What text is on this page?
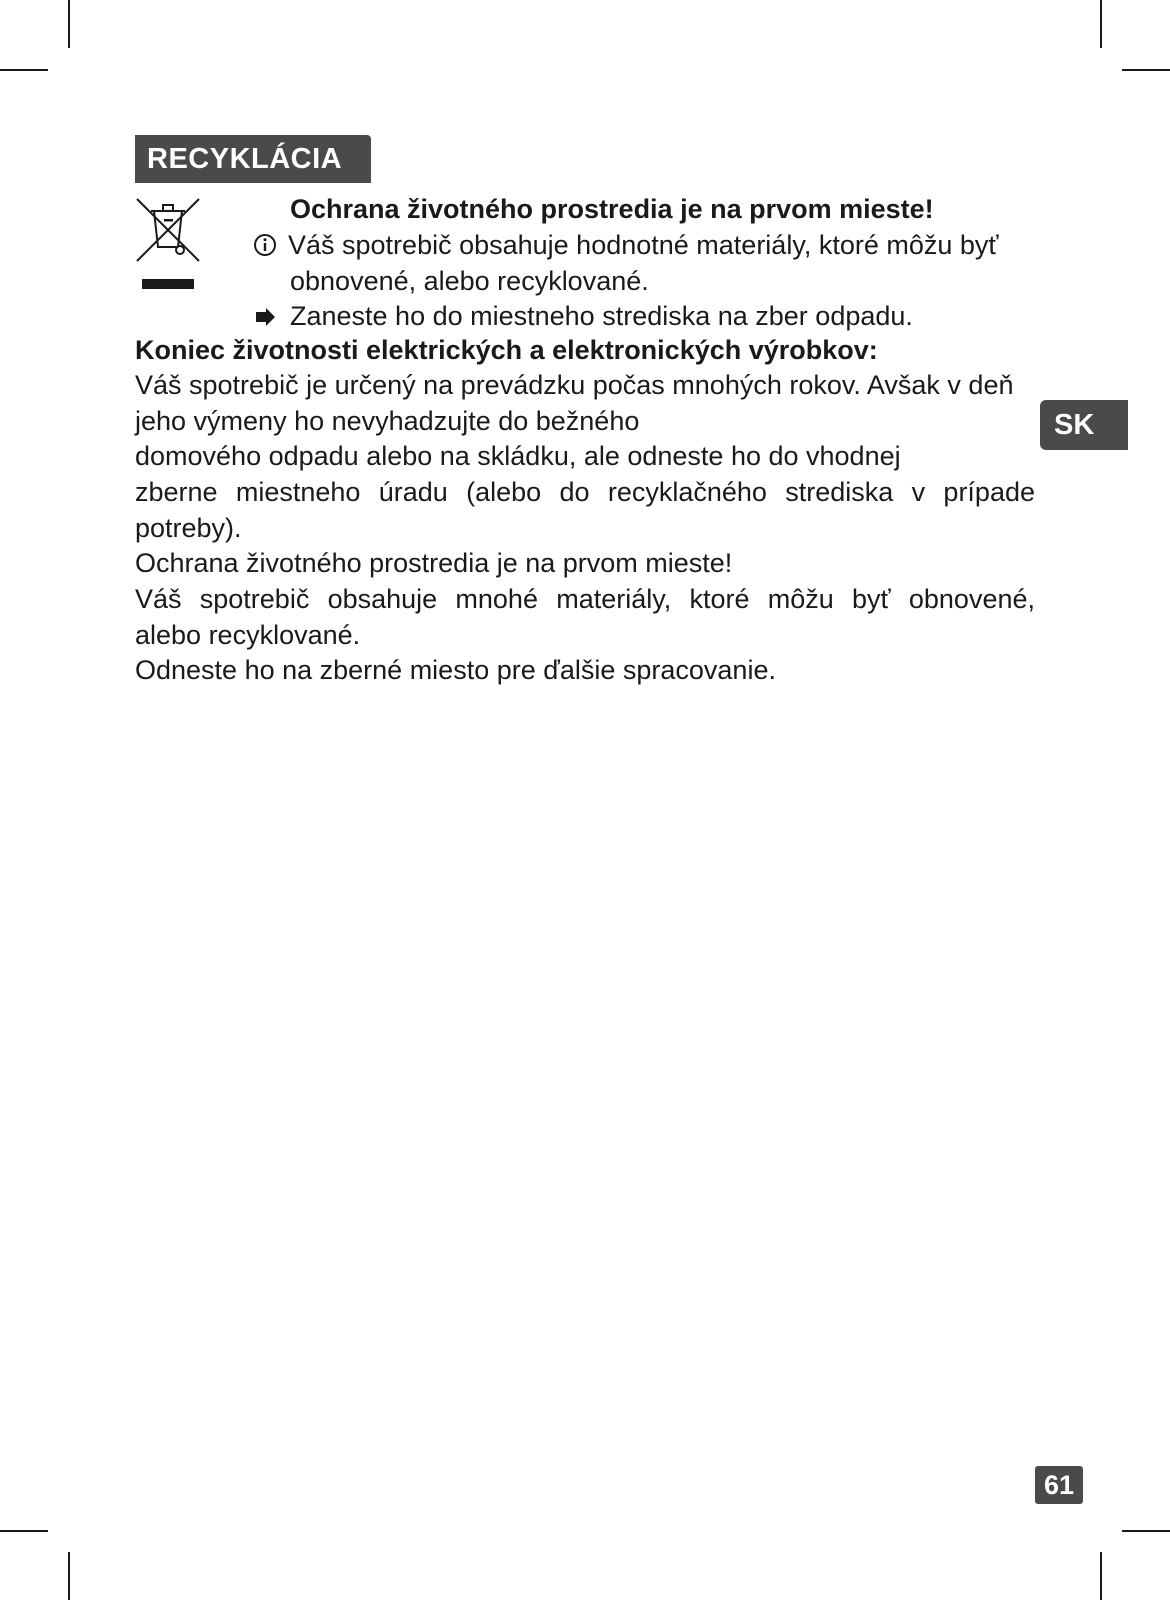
RECYKLÁCIA

Ochrana životného prostredia je na prvom mieste!

Váš spotrebič obsahuje hodnotné materiály, ktoré môžu byť

obnovené, alebo recyklované.

Zaneste ho do miestneho strediska na zber odpadu.

Koniec životnosti elektrických a elektronických výrobkov:

Váš spotrebič je určený na prevádzku počas mnohých rokov. Avšak v deň

jeho výmeny ho nevyhadzujte do bežného

domového odpadu alebo na skládku, ale odneste ho do vhodnej

zberne miestneho úradu (alebo do recyklačného strediska v prípade

potreby).

Ochrana životného prostredia je na prvom mieste!

Váš spotrebič obsahuje mnohé materiály, ktoré môžu byť obnovené,

alebo recyklované.

Odneste ho na zberné miesto pre ďalšie spracovanie.

SK
61
